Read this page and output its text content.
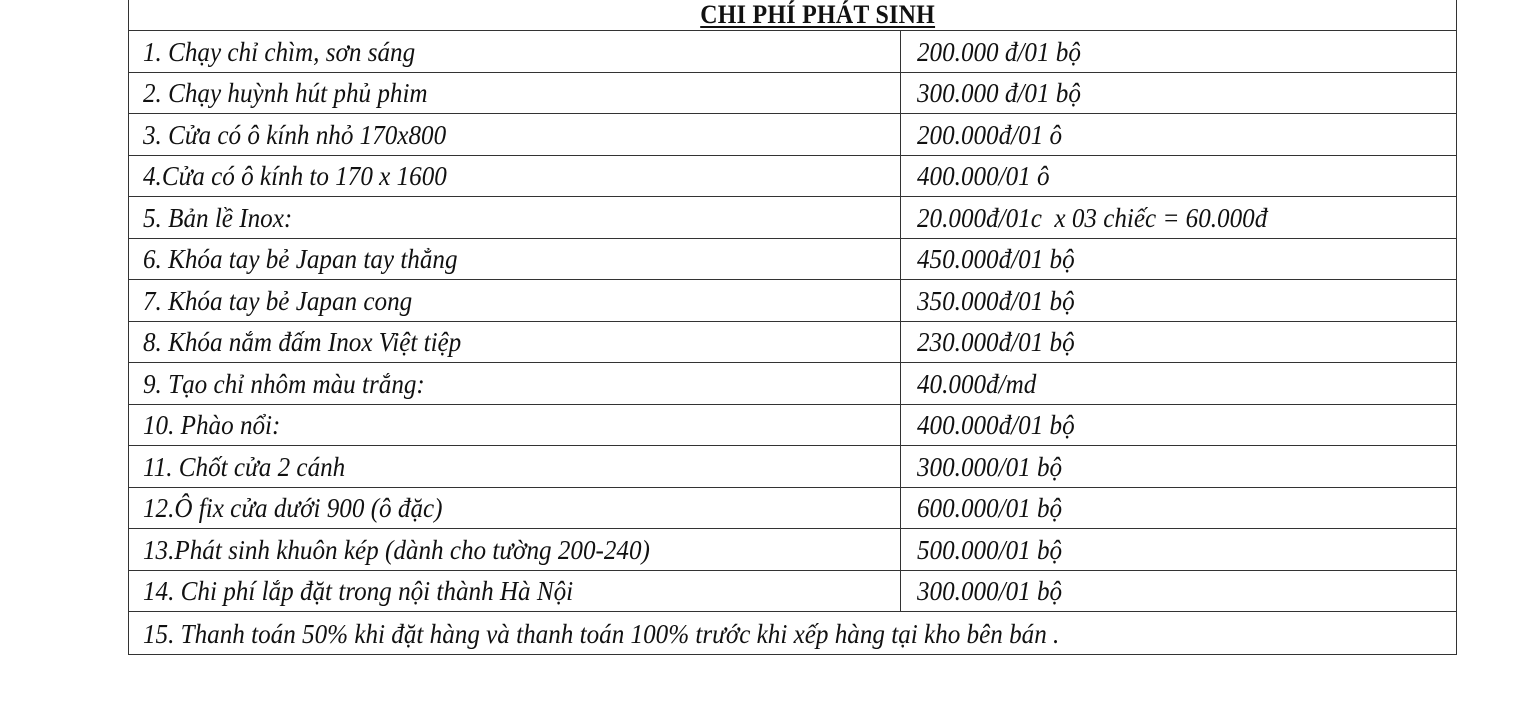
CHI PHÍ PHÁT SINH
1. Chạy chỉ chìm, sơn sáng	200.000 đ/01 bộ
2. Chạy huỳnh hút phủ phim	300.000 đ/01 bộ
3. Cửa có ô kính nhỏ 170x800	200.000đ/01 ô
4.Cửa có ô kính to 170 x 1600	400.000/01 ô
5. Bản lề Inox:	20.000đ/01c  x 03 chiếc = 60.000đ
6. Khóa tay bẻ Japan tay thẳng	450.000đ/01 bộ
7. Khóa tay bẻ Japan cong	350.000đ/01 bộ
8. Khóa nắm đấm Inox Việt tiệp	230.000đ/01 bộ
9. Tạo chỉ nhôm màu trắng:	40.000đ/md
10. Phào nổi:	400.000đ/01 bộ
11. Chốt cửa 2 cánh	300.000/01 bộ
12.Ô fix cửa dưới 900 (ô đặc)	600.000/01 bộ
13.Phát sinh khuôn kép (dành cho tường 200-240)	500.000/01 bộ
14. Chi phí lắp đặt trong nội thành Hà Nội	300.000/01 bộ
15. Thanh toán 50% khi đặt hàng và thanh toán 100% trước khi xếp hàng tại kho bên bán .
